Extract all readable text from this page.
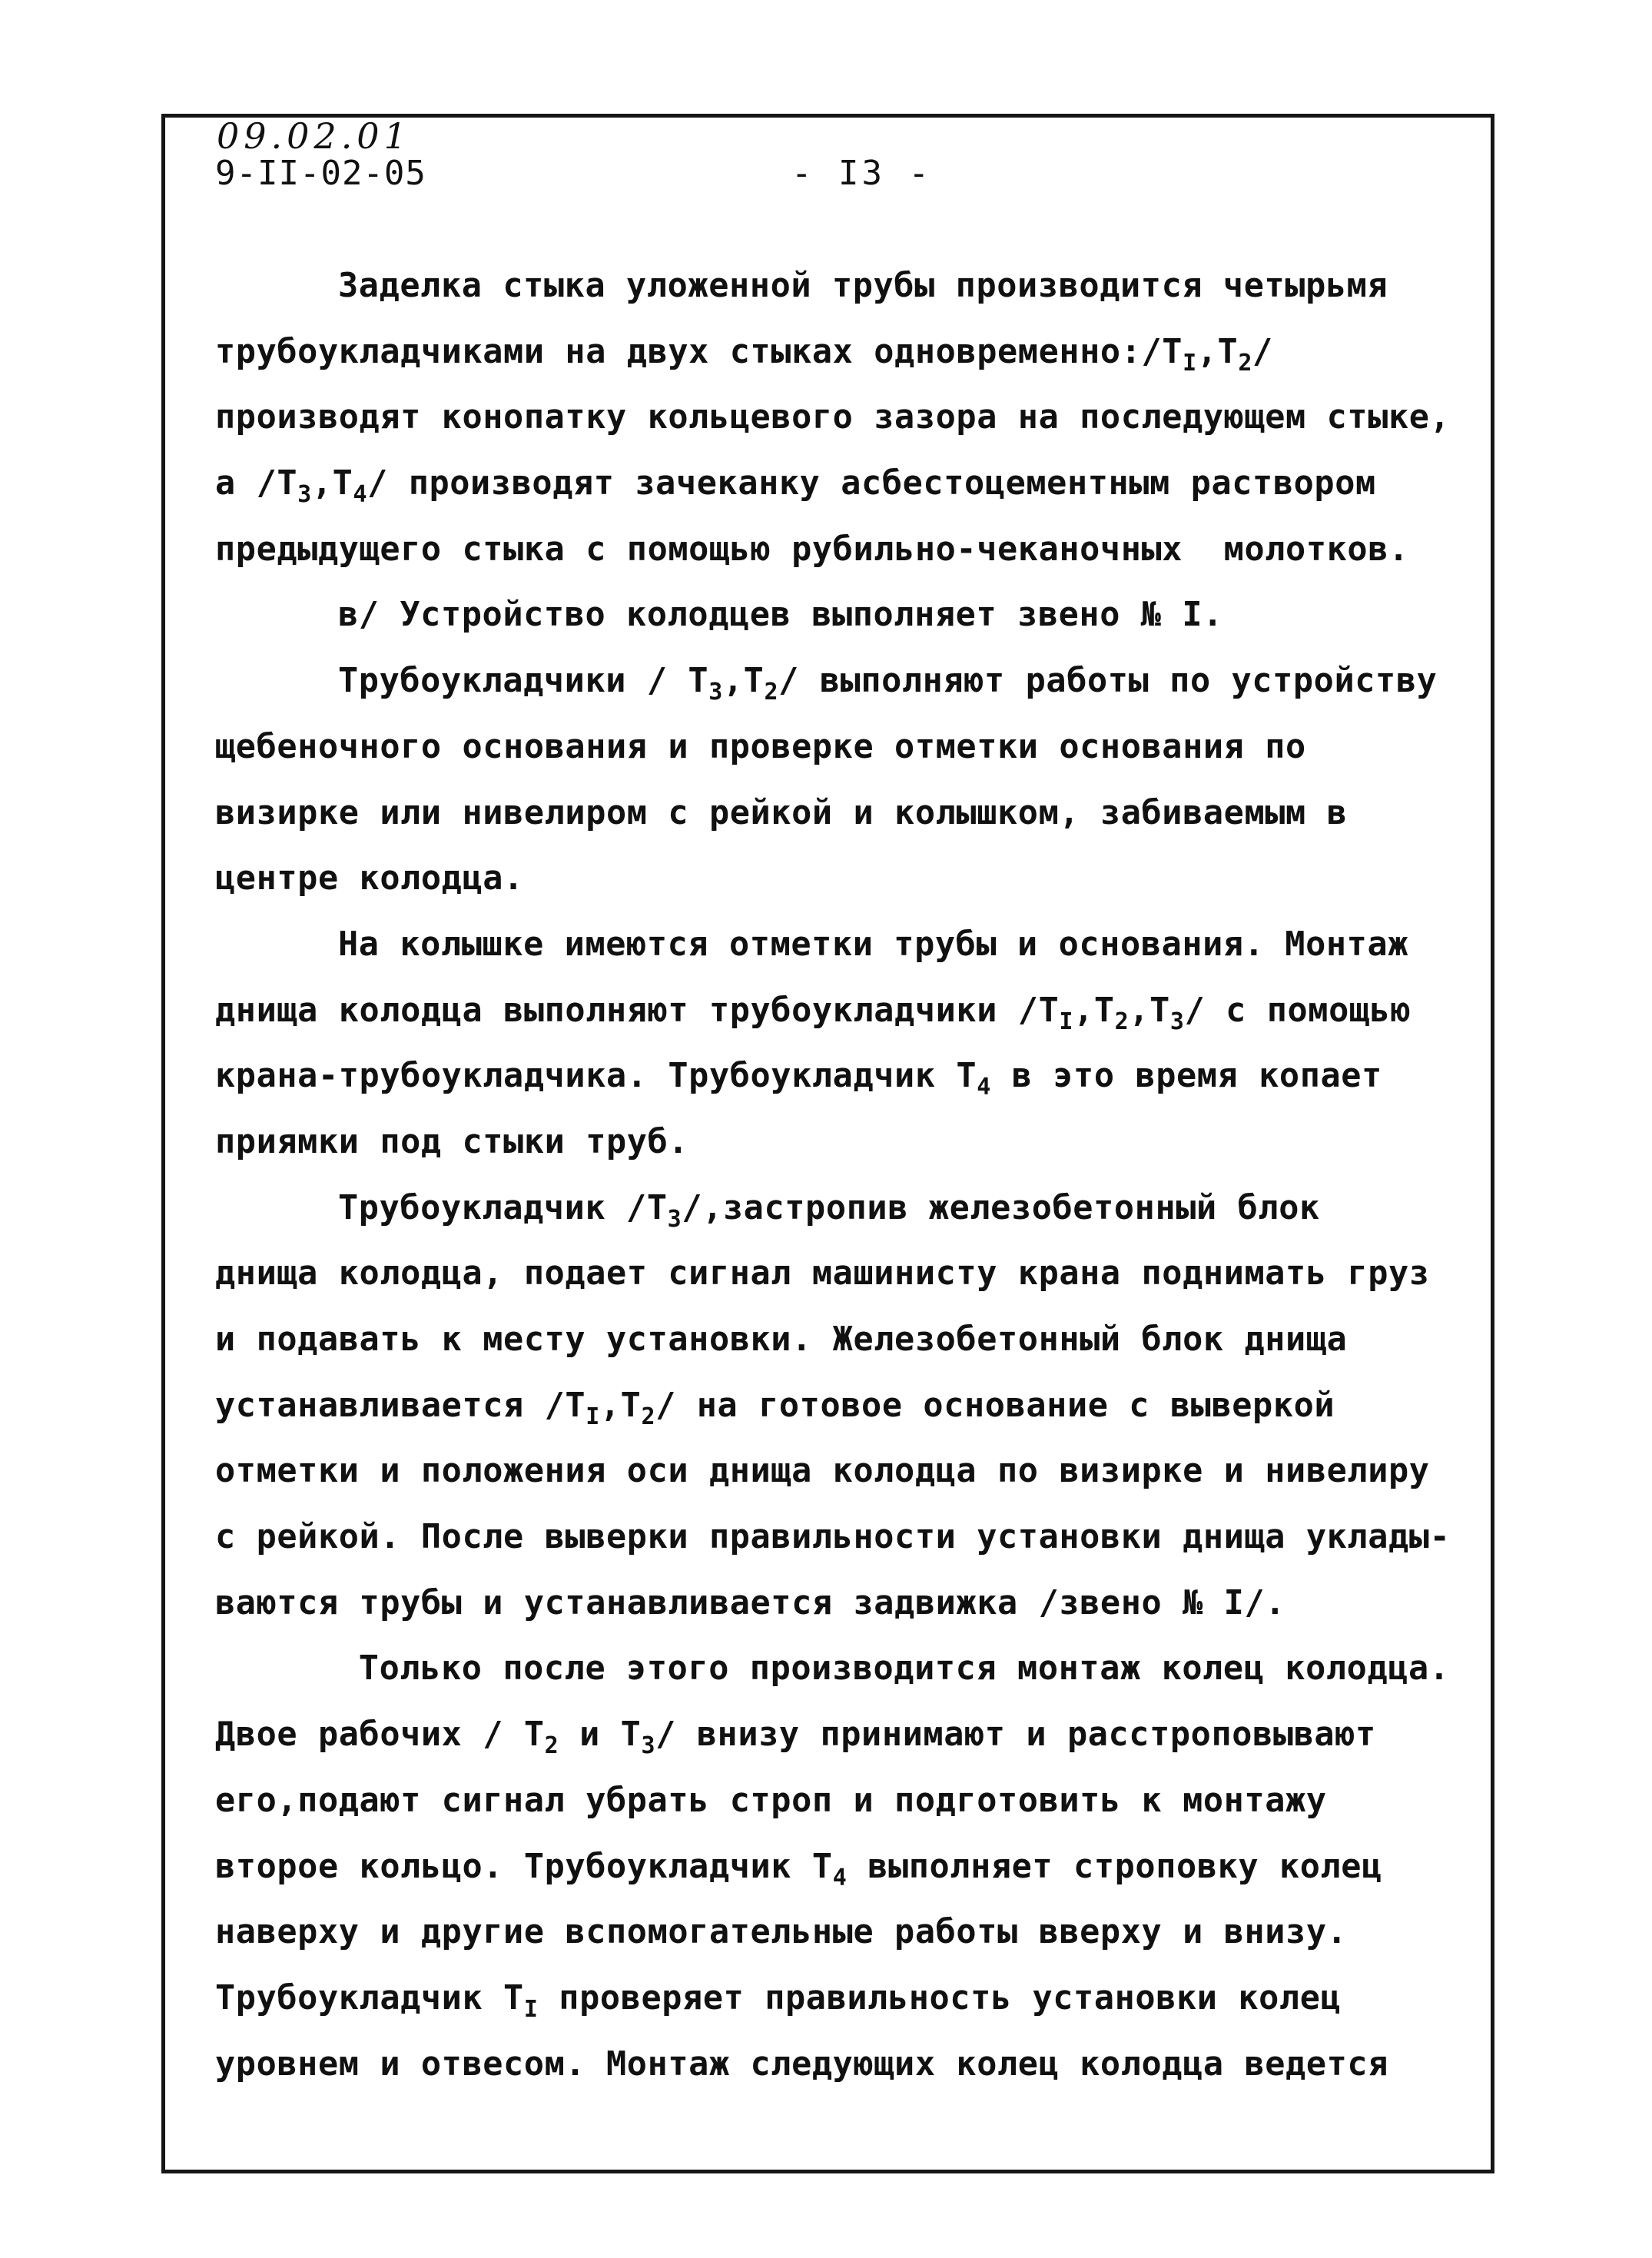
09.02.01
9-II-02-05	- I3 -
Заделка стыка уложенной трубы производится четырьмя
трубоукладчиками на двух стыках $одновременно:/T_I,T_2/$
производят конопатку кольцевого зазора на последующем стыке,
а $/T_3,T_4/$ производят зачеканку асбестоцементным раствором
предыдущего стыка с помощью рубильно-чеканочных  молотков.
в/ Устройство колодцев выполняет звено № I.
Трубоукладчики / $T_3,T_2/$ выполняют работы по устройству
щебеночного основания и проверке отметки основания по
визирке или нивелиром с рейкой и колышком, забиваемым в
центре колодца.
На колышке имеются отметки трубы и основания. Монтаж
днища колодца выполняют трубоукладчики $/T_I,T_2,T_3/$ с помощью
крана-трубоукладчика. Трубоукладчик $T_4$ в это время копает
приямки под стыки труб.
Трубоукладчик $/T_3/,застропив$ железобетонный блок
днища колодца, подает сигнал машинисту крана поднимать груз
и подавать к месту установки. Железобетонный блок днища
устанавливается $/T_I,T_2/$ на готовое основание с выверкой
отметки и положения оси днища колодца по визирке и нивелиру
с рейкой. После выверки правильности установки днища уклады-
ваются трубы и устанавливается задвижка /звено № I/.
Только после этого производится монтаж колец колодца.
Двое рабочих / $T_2$ и $T_3/$ внизу принимают и расстроповывают
его,подают сигнал убрать строп и подготовить к монтажу
второе кольцо. Трубоукладчик $T_4$ выполняет строповку колец
наверху и другие вспомогательные работы вверху и внизу.
Трубоукладчик $T_I$ проверяет правильность установки колец
уровнем и отвесом. Монтаж следующих колец колодца ведется
